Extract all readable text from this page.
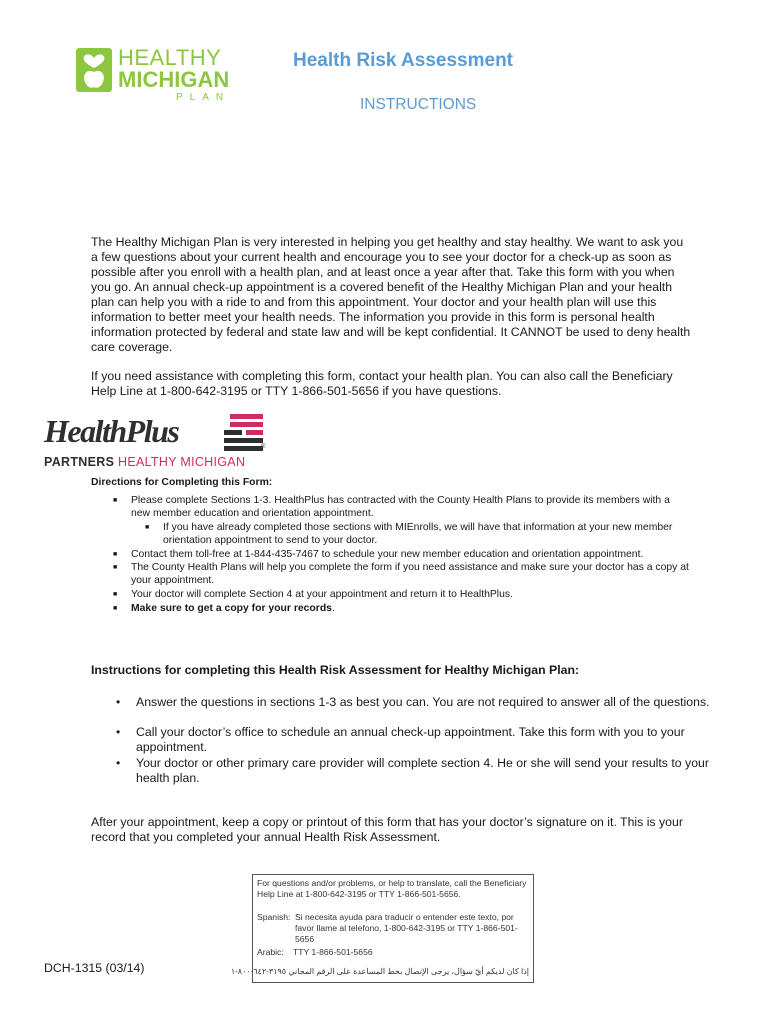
HEALTHY
MICHIGAN
PLAN
Health Risk Assessment
INSTRUCTIONS
The Healthy Michigan Plan is very interested in helping you get healthy and stay healthy. We want to ask you a few questions about your current health and encourage you to see your doctor for a check-up as soon as possible after you enroll with a health plan, and at least once a year after that. Take this form with you when you go. An annual check-up appointment is a covered benefit of the Healthy Michigan Plan and your health plan can help you with a ride to and from this appointment. Your doctor and your health plan will use this information to better meet your health needs. The information you provide in this form is personal health information protected by federal and state law and will be kept confidential. It CANNOT be used to deny health care coverage.
If you need assistance with completing this form, contact your health plan. You can also call the Beneficiary Help Line at 1-800-642-3195 or TTY 1-866-501-5656 if you have questions.
HealthPlus	®
PARTNERS HEALTHY MICHIGAN
Directions for Completing this Form:
■ Please complete Sections 1-3. HealthPlus has contracted with the County Health Plans to provide its members with a new member education and orientation appointment.
■ If you have already completed those sections with MIEnrolls, we will have that information at your new member orientation appointment to send to your doctor.
■ Contact them toll-free at 1-844-435-7467 to schedule your new member education and orientation appointment.
■ The County Health Plans will help you complete the form if you need assistance and make sure your doctor has a copy at your appointment.
■ Your doctor will complete Section 4 at your appointment and return it to HealthPlus.
■ Make sure to get a copy for your records.
Instructions for completing this Health Risk Assessment for Healthy Michigan Plan:
• Answer the questions in sections 1-3 as best you can. You are not required to answer all of the questions.
• Call your doctor’s office to schedule an annual check-up appointment. Take this form with you to your appointment.
• Your doctor or other primary care provider will complete section 4. He or she will send your results to your health plan.
After your appointment, keep a copy or printout of this form that has your doctor’s signature on it. This is your record that you completed your annual Health Risk Assessment.
For questions and/or problems, or help to translate, call the Beneficiary Help Line at 1-800-642-3195 or TTY 1-866-501-5656.
Spanish: Si necesita ayuda para traducir o entender este texto, por favor llame al telefono, 1-800-642-3195 or TTY 1-866-501-5656
Arabic: TTY 1-866-501-5656
إذا كان لديكم أيّ سؤال، يرجى الإتصال بخط المساعدة على الرقم المجاني ٣١٩٥-٦٤٢-٨٠٠-١
DCH-1315 (03/14)
